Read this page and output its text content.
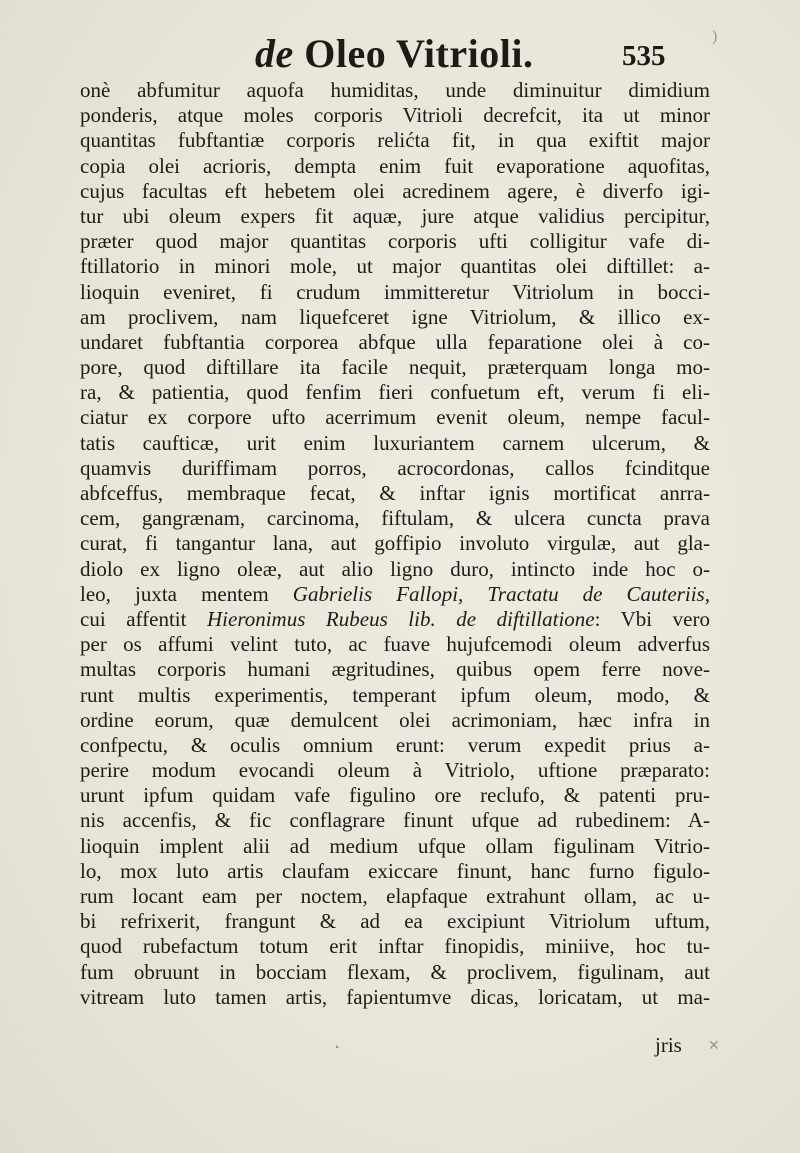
de Oleo Vitrioli.	535
onè abfumitur aquofa humiditas, unde diminuitur dimidium
ponderis, atque moles corporis Vitrioli decrefcit, ita ut minor
quantitas fubftantiæ corporis relićta fit, in qua exiftit major
copia olei acrioris, dempta enim fuit evaporatione aquofitas,
cujus facultas eft hebetem olei acredinem agere, è diverfo igi-
tur ubi oleum expers fit aquæ, jure atque validius percipitur,
præter quod major quantitas corporis ufti colligitur vafe di-
ftillatorio in minori mole, ut major quantitas olei diftillet: a-
lioquin eveniret, fi crudum immitteretur Vitriolum in bocci-
am proclivem, nam liquefceret igne Vitriolum, & illico ex-
undaret fubftantia corporea abfque ulla feparatione olei à co-
pore, quod diftillare ita facile nequit, præterquam longa mo-
ra, & patientia, quod fenfim fieri confuetum eft, verum fi eli-
ciatur ex corpore ufto acerrimum evenit oleum, nempe facul-
tatis caufticæ, urit enim luxuriantem carnem ulcerum, &
quamvis duriffimam porros, acrocordonas, callos fcinditque
abfceffus, membraque fecat, & inftar ignis mortificat anrra-
cem, gangrænam, carcinoma, fiftulam, & ulcera cuncta prava
curat, fi tangantur lana, aut goffipio involuto virgulæ, aut gla-
diolo ex ligno oleæ, aut alio ligno duro, intincto inde hoc o-
leo, juxta mentem Gabrielis Fallopi, Tractatu de Cauteriis,
cui affentit Hieronimus Rubeus lib. de diftillatione: Vbi vero
per os affumi velint tuto, ac fuave hujufcemodi oleum adverfus
multas corporis humani ægritudines, quibus opem ferre nove-
runt multis experimentis, temperant ipfum oleum, modo, &
ordine eorum, quæ demulcent olei acrimoniam, hæc infra in
confpectu, & oculis omnium erunt: verum expedit prius a-
perire modum evocandi oleum à Vitriolo, uftione præparato:
urunt ipfum quidam vafe figulino ore reclufo, & patenti pru-
nis accenfis, & fic conflagrare finunt ufque ad rubedinem: A-
lioquin implent alii ad medium ufque ollam figulinam Vitrio-
lo, mox luto artis claufam exiccare finunt, hanc furno figulo-
rum locant eam per noctem, elapfaque extrahunt ollam, ac u-
bi refrixerit, frangunt & ad ea excipiunt Vitriolum uftum,
quod rubefactum totum erit inftar finopidis, miniive, hoc tu-
fum obruunt in bocciam flexam, & proclivem, figulinam, aut
vitream luto tamen artis, fapientumve dicas, loricatam, ut ma-
jris
)
•	✕
